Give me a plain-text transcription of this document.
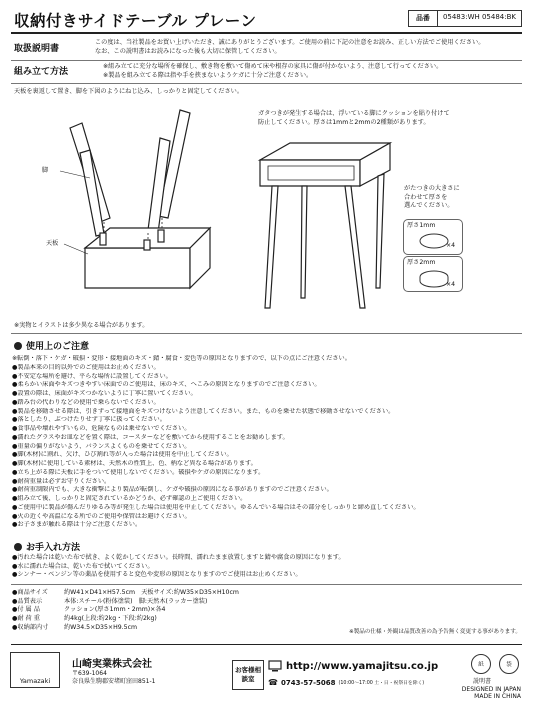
収納付きサイドテーブル プレーン	品番	05483:WH 05484:BK
取扱説明書
この度は、当社製品をお買い上げいただき、誠にありがとうございます。ご使用の前に下記の注意をお読み、正しい方法でご使用ください。
なお、この説明書はお読みになった後も大切に保管してください。
組み立て方法
※組み立てに充分な場所を確保し、敷き物を敷いて傷めて床や根存の家具に傷が付かないよう、注意して行ってください。
※製品を組み立てる際は指や手を挟まないようケガに十分ご注意ください。
天板を裏返して置き、脚を下図のようにねじ込み、しっかりと固定してください。
脚
天板
ガタつきが発生する場合は、浮いている脚にクッションを貼り付けて
防止してください。厚さは1mmと2mmの2種類があります。
がたつきの大きさに
合わせて厚さを
選んでください。
厚さ1mm
×4
厚さ2mm
×4
※実物とイラストは多少異なる場合があります。
使用上のご注意
※転倒・落下・ケガ・破損・変形・接地面のキズ・錆・腐食・変色等の原因となりますので、以下の点にご注意ください。
●製品本来の目的以外でのご使用はお止めください。
●不安定な場所を避け、平らな場所に設置してください。
●柔らかい床面やキズつきやすい床面でのご使用は、床のキズ、へこみの原因となりますのでご注意ください。
●設置の際は、床面がキズつかないように丁寧に置いてください。
●踏み台の代わりなどの使用で乗らないでください。
●製品を移動させる際は、引きずって接地面をキズつけないよう注意してください。また、ものを乗せた状態で移動させないでください。
●落としたり、ぶつけたりせず丁寧に扱ってください。
●食事品や壊れやすいもの、危険なものは乗せないでください。
●濡れたグラスやお皿などを置く際は、コースターなどを敷いてから使用することをお勧めします。
●重量の偏りがないよう、バランスよくものを乗せてください。
●脚(木材)に割れ、欠け、ひび割れ等が入った場合は使用を中止してください。
●脚(木材)に使用している素材は、天然木の性質上、色、柄など異なる場合があります。
●立ち上がる際に天板に手をついて使用しないでください。破損やケガの原因になります。
●耐荷重量は必ずお守りください。
●耐荷重制限内でも、大きな衝撃により製品が転倒し、ケガや破損の原因になる事がありますのでご注意ください。
●組み立て後、しっかりと固定されているかどうか、必ず確認の上ご使用ください。
●ご使用中に製品が傷んだりゆるみ等が発生した場合は使用を中止してください。ゆるんでいる場合はその部分をしっかりと締め直してください。
●火の近くや高温になる所でのご使用や保管はお避けください。
●お子さまが触れる際は十分ご注意ください。
お手入れ方法
●汚れた場合は乾いた布で拭き、よく乾かしてください。長時間、濡れたまま放置しますと錆や腐食の原因になります。
●水に濡れた場合は、乾いた布で拭いてください。
●シンナー・ベンジン等の薬品を使用すると変色や変形の原因となりますのでご使用はお止めください。
●商品サイズ	約W41×D41×H57.5cm　天板サイズ:約W35×D35×H10cm
●品質表示	本体:スチール(粉体塗装)　脚:天然木(ラッカー塗装)
●付 属 品	クッション(厚さ1mm・2mm)×各4
●耐 荷 重	約4kg(上段:約2kg・下段:約2kg)
●収納部内寸	約W34.5×D35×H9.5cm
※製品の仕様・外観は品質改善の為予告無く変更する事があります。
Yamazaki
山崎実業株式会社
〒639-1064
奈良県生駒郡安堵町窪田851-1
お客様相談室
http://www.yamajitsu.co.jp
☎ 0743-57-5068 (10:00～17:00 土・日・祝祭日を除く)
紙	袋
説明書
DESIGNED IN JAPAN
MADE IN CHINA
